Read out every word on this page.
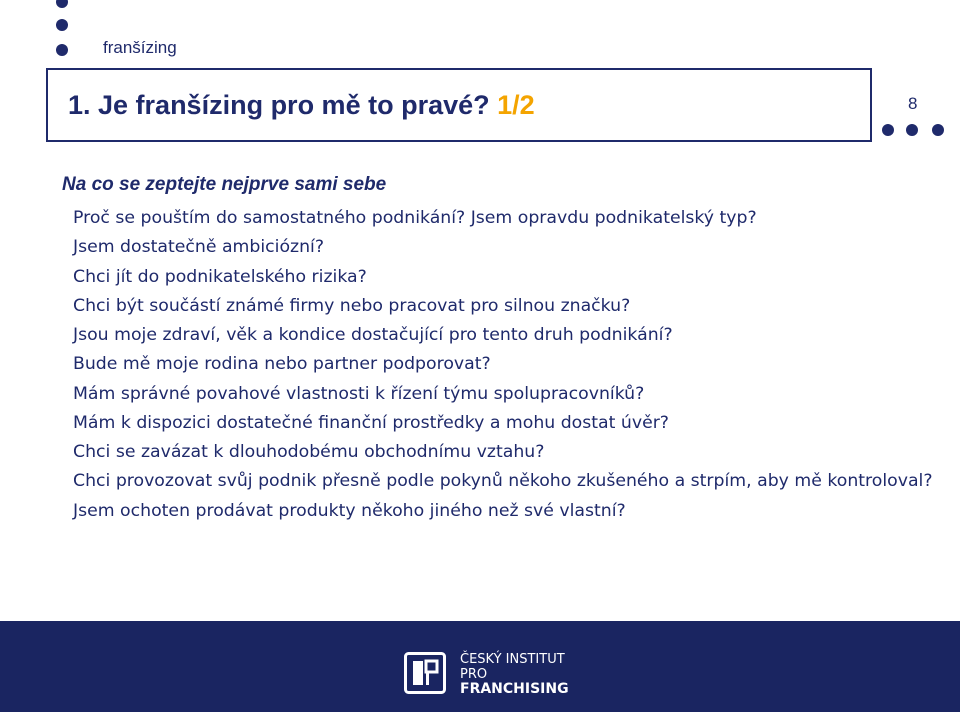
franšízing
1. Je franšízing pro mě to pravé? 1/2	8
Na co se zeptejte nejprve sami sebe
Proč se pouštím do samostatného podnikání? Jsem opravdu podnikatelský typ?
Jsem dostatečně ambiciózní?
Chci jít do podnikatelského rizika?
Chci být součástí známé firmy nebo pracovat pro silnou značku?
Jsou moje zdraví, věk a kondice dostačující pro tento druh podnikání?
Bude mě moje rodina nebo partner podporovat?
Mám správné povahové vlastnosti k řízení týmu spolupracovníků?
Mám k dispozici dostatečné finanční prostředky a mohu dostat úvěr?
Chci se zavázat k dlouhodobému obchodnímu vztahu?
Chci provozovat svůj podnik přesně podle pokynů někoho zkušeného a strpím, aby mě kontroloval?
Jsem ochoten prodávat produkty někoho jiného než své vlastní?
ČESKÝ INSTITUT
PRO
FRANCHISING
